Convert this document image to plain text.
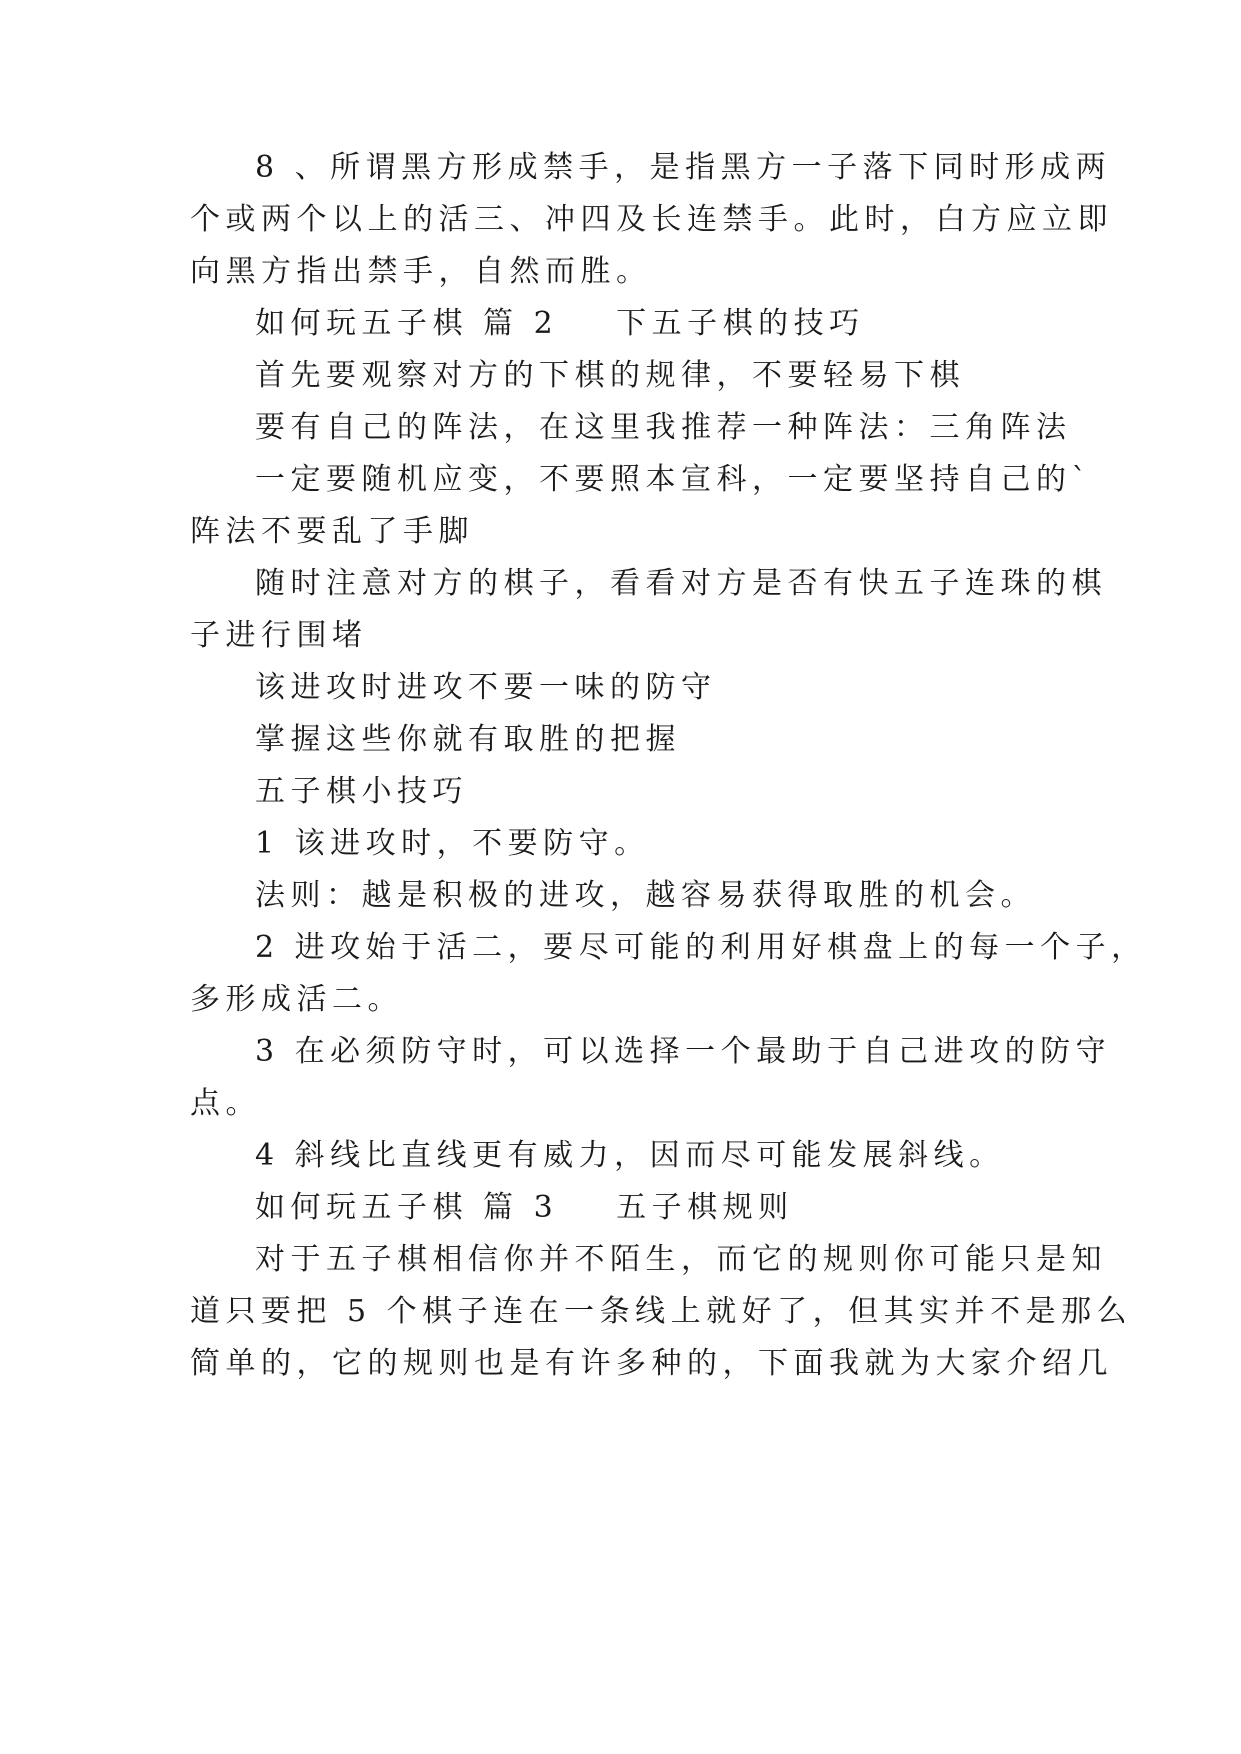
8 、所谓黑方形成禁手，是指黑方一子落下同时形成两
个或两个以上的活三、冲四及长连禁手。此时，白方应立即
向黑方指出禁手，自然而胜。
如何玩五子棋 篇 2 下五子棋的技巧
首先要观察对方的下棋的规律，不要轻易下棋
要有自己的阵法，在这里我推荐一种阵法：三角阵法
一定要随机应变，不要照本宣科，一定要坚持自己的`
阵法不要乱了手脚
随时注意对方的棋子，看看对方是否有快五子连珠的棋
子进行围堵
该进攻时进攻不要一味的防守
掌握这些你就有取胜的把握
五子棋小技巧
1 该进攻时，不要防守。
法则：越是积极的进攻，越容易获得取胜的机会。
2 进攻始于活二，要尽可能的利用好棋盘上的每一个子，
多形成活二。
3 在必须防守时，可以选择一个最助于自己进攻的防守
点。
4 斜线比直线更有威力，因而尽可能发展斜线。
如何玩五子棋 篇 3 五子棋规则
对于五子棋相信你并不陌生，而它的规则你可能只是知
道只要把 5 个棋子连在一条线上就好了，但其实并不是那么
简单的，它的规则也是有许多种的，下面我就为大家介绍几
